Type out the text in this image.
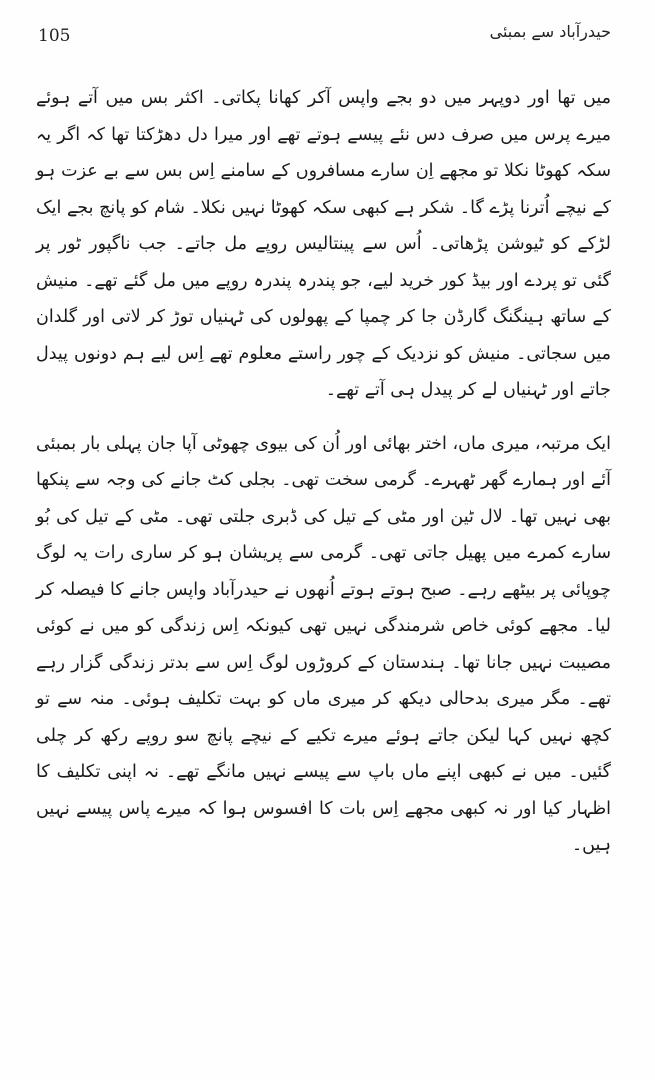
105	حیدرآباد سے بمبئی

میں تھا اور دوپہر میں دو بجے واپس آکر کھانا پکاتی۔ اکثر بس میں آتے ہوئے میرے پرس میں صرف دس نئے پیسے ہوتے تھے اور میرا دل دھڑکتا تھا کہ اگر یہ سکہ کھوٹا نکلا تو مجھے اِن سارے مسافروں کے سامنے اِس بس سے بے عزت ہو کے نیچے اُترنا پڑے گا۔ شکر ہے کبھی سکہ کھوٹا نہیں نکلا۔ شام کو پانچ بجے ایک لڑکے کو ٹیوشن پڑھاتی۔ اُس سے پینتالیس روپے مل جاتے۔ جب ناگپور ٹور پر گئی تو پردے اور بیڈ کور خرید لیے، جو پندرہ پندرہ روپے میں مل گئے تھے۔ منیش کے ساتھ ہینگنگ گارڈن جا کر چمپا کے پھولوں کی ٹہنیاں توڑ کر لاتی اور گلدان میں سجاتی۔ منیش کو نزدیک کے چور راستے معلوم تھے اِس لیے ہم دونوں پیدل جاتے اور ٹہنیاں لے کر پیدل ہی آتے تھے۔

ایک مرتبہ، میری ماں، اختر بھائی اور اُن کی بیوی چھوٹی آپا جان پہلی بار بمبئی آئے اور ہمارے گھر ٹھہرے۔ گرمی سخت تھی۔ بجلی کٹ جانے کی وجہ سے پنکھا بھی نہیں تھا۔ لال ٹین اور مٹی کے تیل کی ڈبری جلتی تھی۔ مٹی کے تیل کی بُو سارے کمرے میں پھیل جاتی تھی۔ گرمی سے پریشان ہو کر ساری رات یہ لوگ چوپائی پر بیٹھے رہے۔ صبح ہوتے ہوتے اُنھوں نے حیدرآباد واپس جانے کا فیصلہ کر لیا۔ مجھے کوئی خاص شرمندگی نہیں تھی کیونکہ اِس زندگی کو میں نے کوئی مصیبت نہیں جانا تھا۔ ہندستان کے کروڑوں لوگ اِس سے بدتر زندگی گزار رہے تھے۔ مگر میری بدحالی دیکھ کر میری ماں کو بہت تکلیف ہوئی۔ منہ سے تو کچھ نہیں کہا لیکن جاتے ہوئے میرے تکیے کے نیچے پانچ سو روپے رکھ کر چلی گئیں۔ میں نے کبھی اپنے ماں باپ سے پیسے نہیں مانگے تھے۔ نہ اپنی تکلیف کا اظہار کیا اور نہ کبھی مجھے اِس بات کا افسوس ہوا کہ میرے پاس پیسے نہیں ہیں۔
